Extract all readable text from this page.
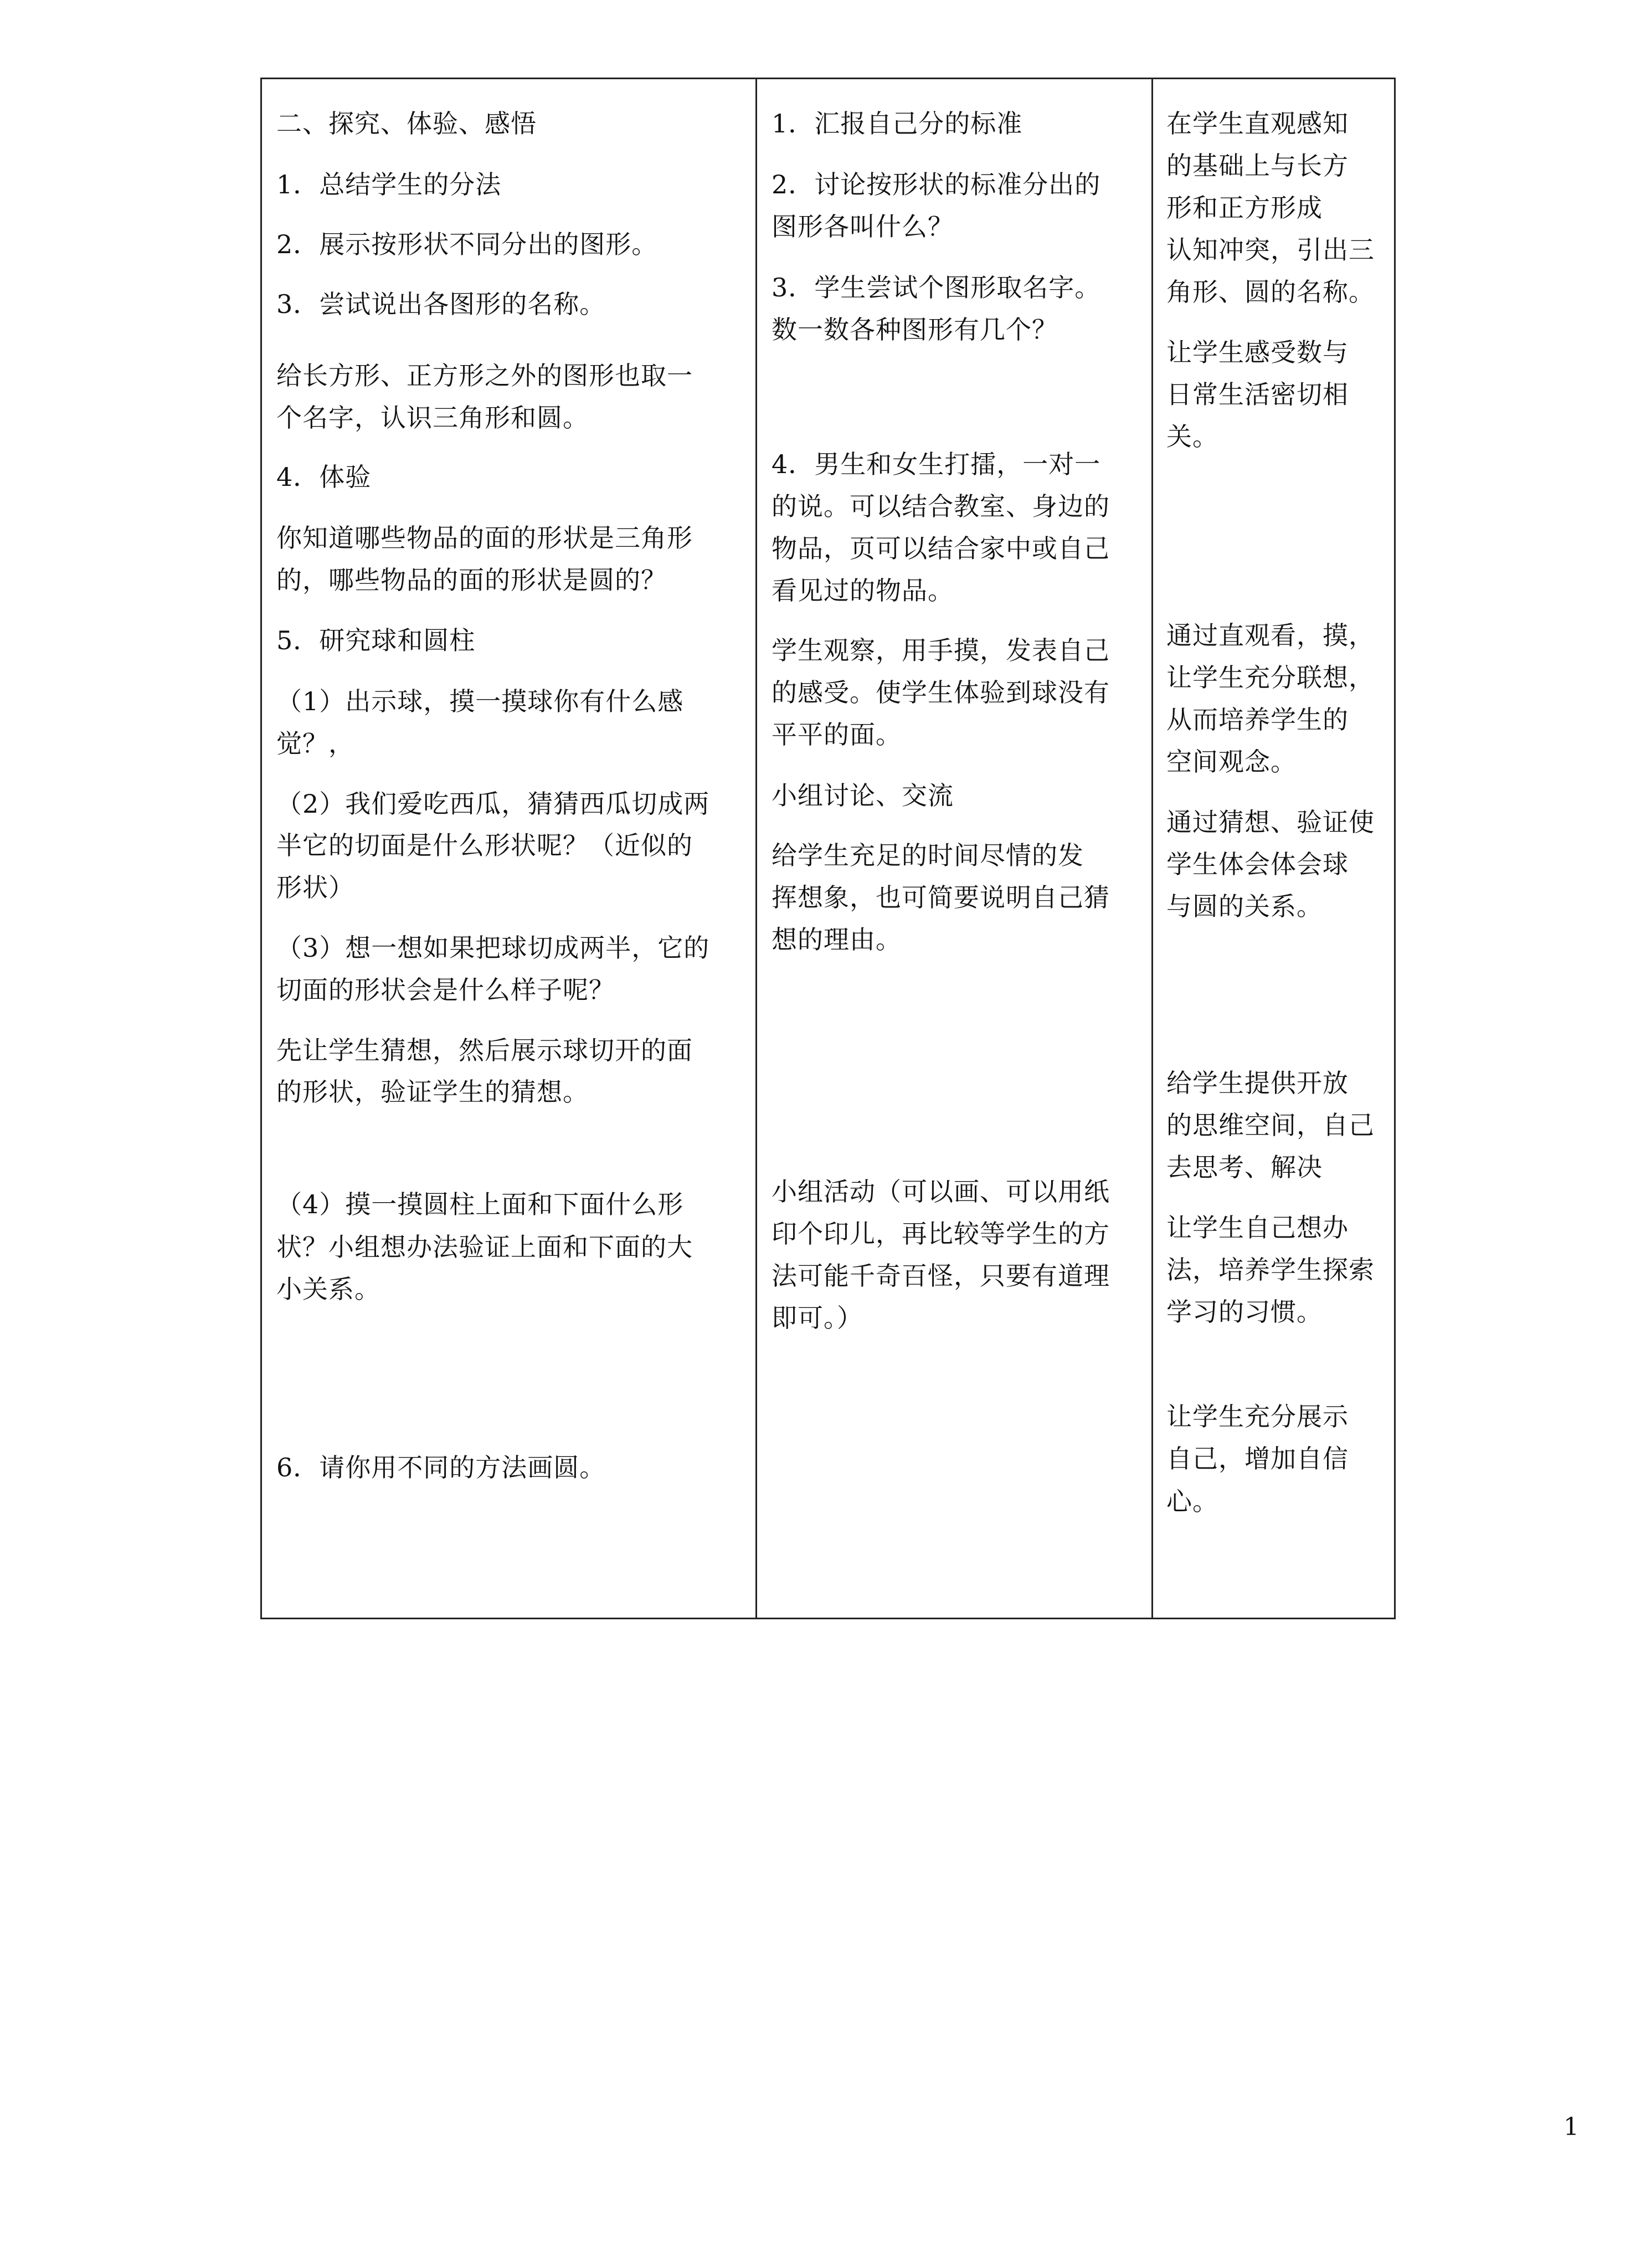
二、探究、体验、感悟
1．总结学生的分法
2．展示按形状不同分出的图形。
3．尝试说出各图形的名称。
给长方形、正方形之外的图形也取一
个名字，认识三角形和圆。
4．体验
你知道哪些物品的面的形状是三角形
的，哪些物品的面的形状是圆的？
5．研究球和圆柱
（1）出示球，摸一摸球你有什么感
觉？，
（2）我们爱吃西瓜，猜猜西瓜切成两
半它的切面是什么形状呢？（近似的
形状）
（3）想一想如果把球切成两半，它的
切面的形状会是什么样子呢？
先让学生猜想，然后展示球切开的面
的形状，验证学生的猜想。
（4）摸一摸圆柱上面和下面什么形
状？小组想办法验证上面和下面的大
小关系。
6．请你用不同的方法画圆。
1．汇报自己分的标准
2．讨论按形状的标准分出的
图形各叫什么？
3．学生尝试个图形取名字。
数一数各种图形有几个？
4．男生和女生打擂，一对一
的说。可以结合教室、身边的
物品，页可以结合家中或自己
看见过的物品。
学生观察，用手摸，发表自己
的感受。使学生体验到球没有
平平的面。
小组讨论、交流
给学生充足的时间尽情的发
挥想象，也可简要说明自己猜
想的理由。
小组活动（可以画、可以用纸
印个印儿，再比较等学生的方
法可能千奇百怪，只要有道理
即可。）
在学生直观感知
的基础上与长方
形和正方形成
认知冲突，引出三
角形、圆的名称。
让学生感受数与
日常生活密切相
关。
通过直观看，摸，
让学生充分联想，
从而培养学生的
空间观念。
通过猜想、验证使
学生体会体会球
与圆的关系。
给学生提供开放
的思维空间，自己
去思考、解决
让学生自己想办
法，培养学生探索
学习的习惯。
让学生充分展示
自己，增加自信心。
1
